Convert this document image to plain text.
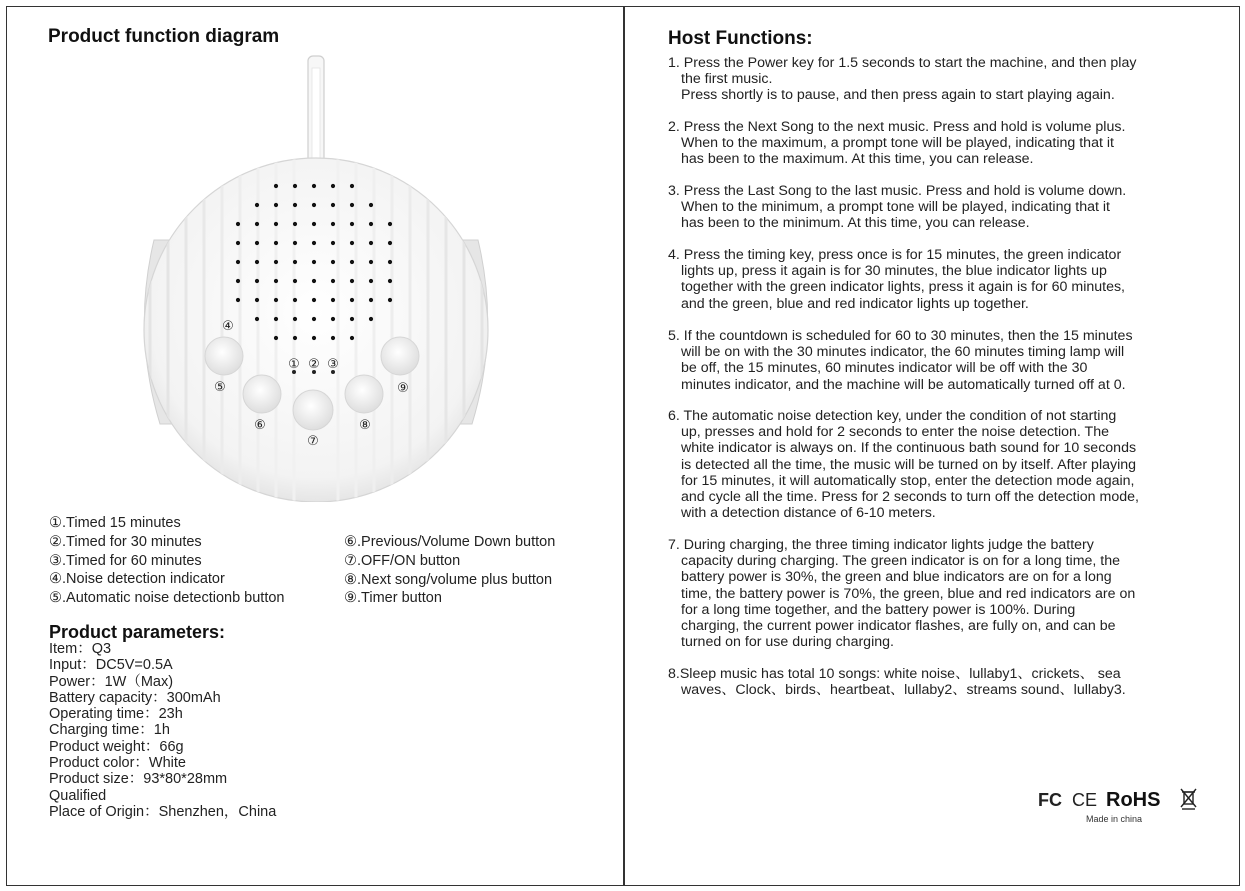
Product function diagram
① ② ③
④
⑤
⑥
⑦
⑧
⑨
①.Timed 15 minutes
②.Timed for 30 minutes
③.Timed for 60 minutes
④.Noise detection indicator
⑤.Automatic noise detectionb button
⑥.Previous/Volume Down button
⑦.OFF/ON button
⑧.Next song/volume plus button
⑨.Timer button
Product parameters:
Item：Q3
Input：DC5V=0.5A
Power：1W（Max)
Battery capacity：300mAh
Operating time：23h
Charging time：1h
Product weight：66g
Product color：White
Product size：93*80*28mm
Qualified
Place of Origin：Shenzhen，China
Host Functions:
1. Press the Power key for 1.5 seconds to start the machine, and then play
the first music.
Press shortly is to pause, and then press again to start playing again.
2. Press the Next Song to the next music. Press and hold is volume plus.
When to the maximum, a prompt tone will be played, indicating that it
has been to the maximum. At this time, you can release.
3. Press the Last Song to the last music. Press and hold is volume down.
When to the minimum, a prompt tone will be played, indicating that it
has been to the minimum. At this time, you can release.
4. Press the timing key, press once is for 15 minutes, the green indicator
lights up, press it again is for 30 minutes, the blue indicator lights up
together with the green indicator lights, press it again is for 60 minutes,
and the green, blue and red indicator lights up together.
5. If the countdown is scheduled for 60 to 30 minutes, then the 15 minutes
will be on with the 30 minutes indicator, the 60 minutes timing lamp will
be off, the 15 minutes, 60 minutes indicator will be off with the 30
minutes indicator, and the machine will be automatically turned off at 0.
6. The automatic noise detection key, under the condition of not starting
up, presses and hold for 2 seconds to enter the noise detection. The
white indicator is always on. If the continuous bath sound for 10 seconds
is detected all the time, the music will be turned on by itself. After playing
for 15 minutes, it will automatically stop, enter the detection mode again,
and cycle all the time. Press for 2 seconds to turn off the detection mode,
with a detection distance of 6-10 meters.
7. During charging, the three timing indicator lights judge the battery
capacity during charging. The green indicator is on for a long time, the
battery power is 30%, the green and blue indicators are on for a long
time, the battery power is 70%, the green, blue and red indicators are on
for a long time together, and the battery power is 100%. During
charging, the current power indicator flashes, are fully on, and can be
turned on for use during charging.
8.Sleep music has total 10 songs: white noise、lullaby1、crickets、 sea
waves、Clock、birds、heartbeat、lullaby2、streams sound、lullaby3.
FC CE RoHS
Made in china
